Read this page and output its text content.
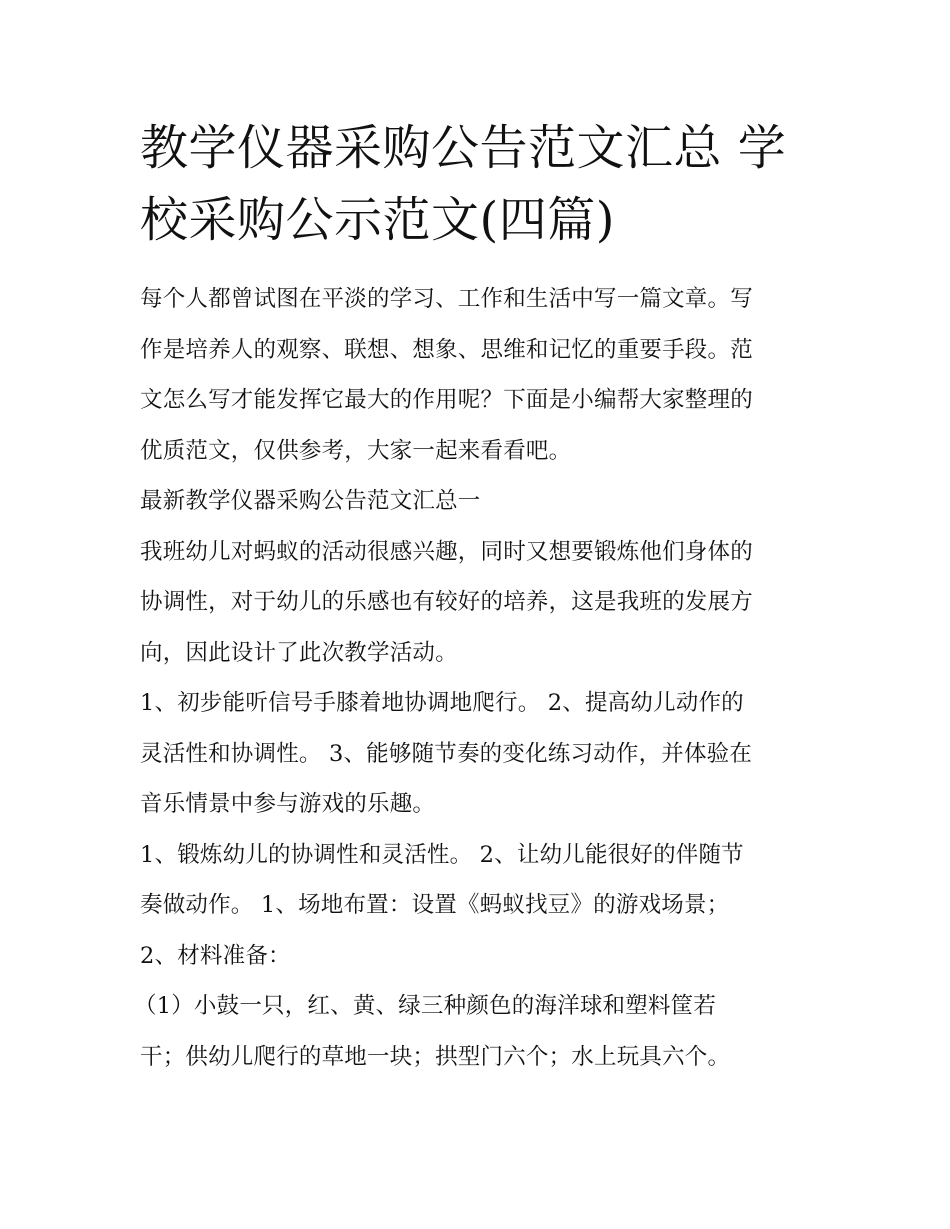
教学仪器采购公告范文汇总 学
校采购公示范文(四篇)
每个人都曾试图在平淡的学习、工作和生活中写一篇文章。写
作是培养人的观察、联想、想象、思维和记忆的重要手段。范
文怎么写才能发挥它最大的作用呢？下面是小编帮大家整理的
优质范文，仅供参考，大家一起来看看吧。
最新教学仪器采购公告范文汇总一
我班幼儿对蚂蚁的活动很感兴趣，同时又想要锻炼他们身体的
协调性，对于幼儿的乐感也有较好的培养，这是我班的发展方
向，因此设计了此次教学活动。
1、初步能听信号手膝着地协调地爬行。 2、提高幼儿动作的
灵活性和协调性。 3、能够随节奏的变化练习动作，并体验在
音乐情景中参与游戏的乐趣。
1、锻炼幼儿的协调性和灵活性。 2、让幼儿能很好的伴随节
奏做动作。 1、场地布置：设置《蚂蚁找豆》的游戏场景；
2、材料准备：
（1）小鼓一只，红、黄、绿三种颜色的海洋球和塑料筐若
干；供幼儿爬行的草地一块；拱型门六个；水上玩具六个。
